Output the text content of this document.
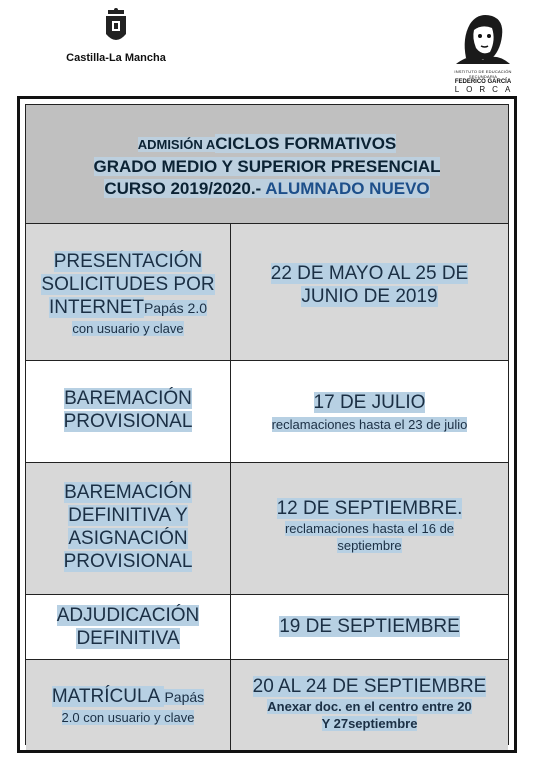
Castilla-La Mancha
INSTITUTO DE EDUCACIÓN SECUNDARIA
FEDERICO GARCÍA
LORCA
ADMISIÓN ACICLOS FORMATIVOS
GRADO MEDIO Y SUPERIOR PRESENCIAL
CURSO 2019/2020.- ALUMNADO NUEVO
PRESENTACIÓN
SOLICITUDES POR
INTERNETPapás 2.0
con usuario y clave
22 DE MAYO AL 25 DE
JUNIO DE 2019
BAREMACIÓN
PROVISIONAL
17 DE JULIO
reclamaciones hasta el 23 de julio
BAREMACIÓN
DEFINITIVA Y
ASIGNACIÓN
PROVISIONAL
12 DE SEPTIEMBRE.
reclamaciones hasta el 16 de
septiembre
ADJUDICACIÓN
DEFINITIVA
19 DE SEPTIEMBRE
MATRÍCULA Papás
2.0 con usuario y clave
20 AL 24 DE SEPTIEMBRE
Anexar doc. en el centro entre 20
Y 27septiembre
